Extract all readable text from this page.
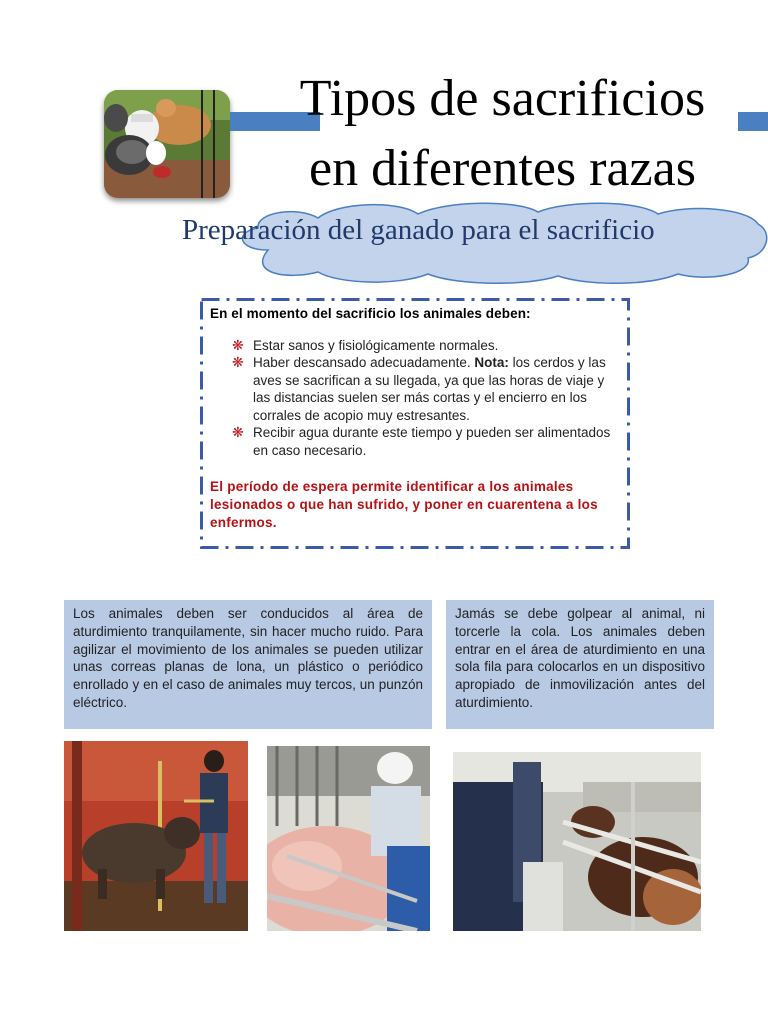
Tipos de sacrificios
en diferentes razas
Preparación del ganado para el sacrificio
En el momento del sacrificio los animales deben:
❋ Estar sanos y fisiológicamente normales.
❋ Haber descansado adecuadamente. Nota: los cerdos y las aves se sacrifican a su llegada, ya que las horas de viaje y las distancias suelen ser más cortas y el encierro en los corrales de acopio muy estresantes.
❋ Recibir agua durante este tiempo y pueden ser alimentados en caso necesario.
El período de espera permite identificar a los animales lesionados o que han sufrido, y poner en cuarentena a los enfermos.
Los animales deben ser conducidos al área de aturdimiento tranquilamente, sin hacer mucho ruido. Para agilizar el movimiento de los animales se pueden utilizar unas correas planas de lona, un plástico o periódico enrollado y en el caso de animales muy tercos, un punzón eléctrico.
Jamás se debe golpear al animal, ni torcerle la cola. Los animales deben entrar en el área de aturdimiento en una sola fila para colocarlos en un dispositivo apropiado de inmovilización antes del aturdimiento.
